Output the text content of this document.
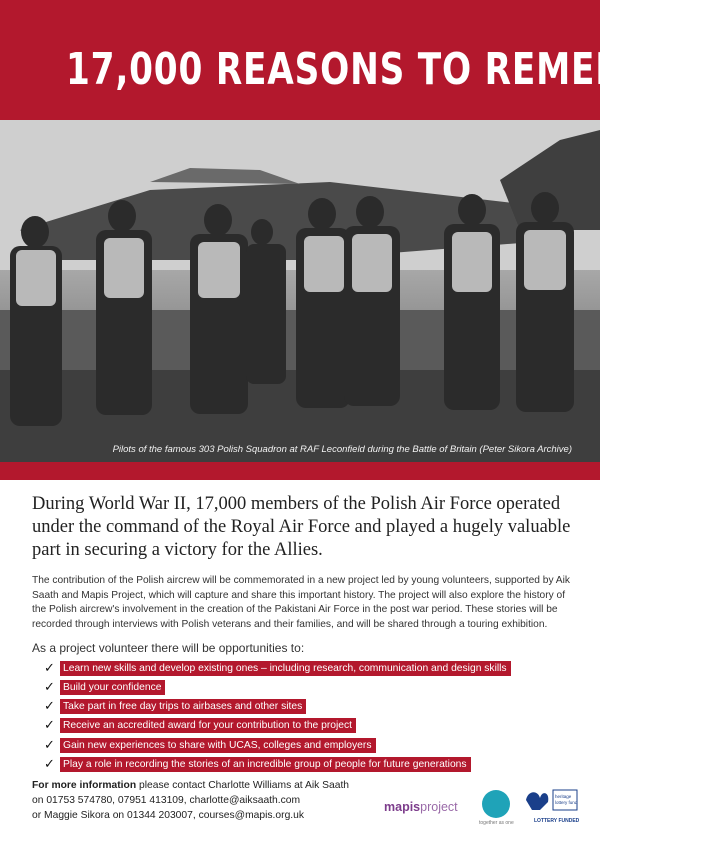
17,000 REASONS TO REMEMBER
Pilots of the famous 303 Polish Squadron at RAF Leconfield during the Battle of Britain (Peter Sikora Archive)

During World War II, 17,000 members of the Polish Air Force operated under the command of the Royal Air Force and played a hugely valuable part in securing a victory for the Allies.

The contribution of the Polish aircrew will be commemorated in a new project led by young volunteers, supported by Aik Saath and Mapis Project, which will capture and share this important history. The project will also explore the history of the Polish aircrew's involvement in the creation of the Pakistani Air Force in the post war period. These stories will be recorded through interviews with Polish veterans and their families, and will be shared through a touring exhibition.

As a project volunteer there will be opportunities to:

✓ Learn new skills and develop existing ones – including research, communication and design skills
✓ Build your confidence
✓ Take part in free day trips to airbases and other sites
✓ Receive an accredited award for your contribution to the project
✓ Gain new experiences to share with UCAS, colleges and employers
✓ Play a role in recording the stories of an incredible group of people for future generations
For more information please contact Charlotte Williams at Aik Saath
on 01753 574780, 07951 413109, charlotte@aiksaath.com
or Maggie Sikora on 01344 203007, courses@mapis.org.uk
mapisproject
together as one
heritage
lottery fund
LOTTERY FUNDED
